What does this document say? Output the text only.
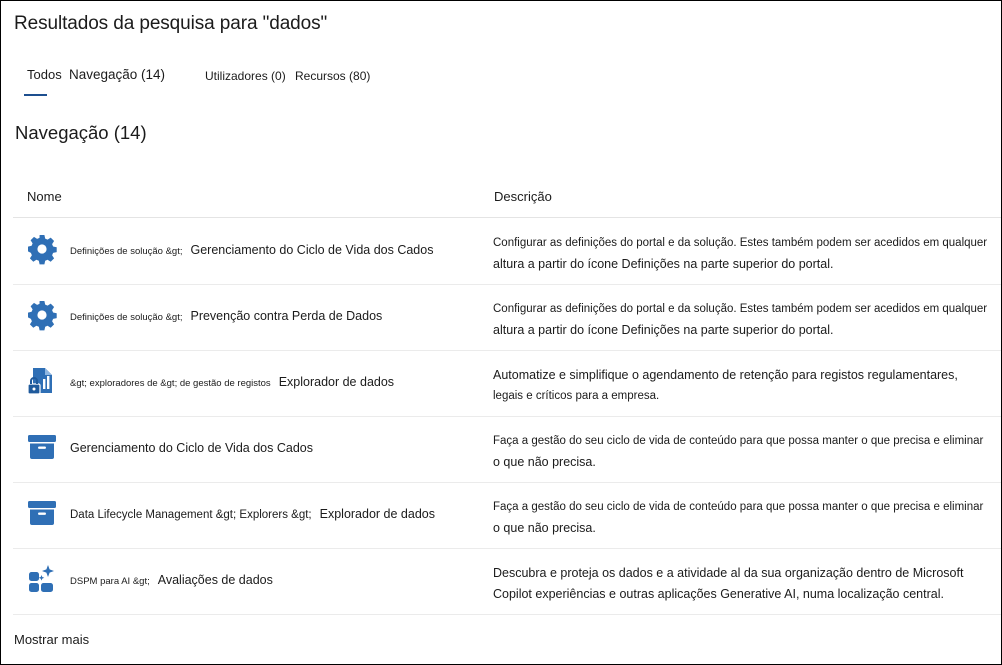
Resultados da pesquisa para "dados"
Todos Navegação (14)	Utilizadores (0) Recursos (80)
Navegação (14)
Nome	Descrição
Definições de solução &gt; Gerenciamento do Ciclo de Vida dos Cados	Configurar as definições do portal e da solução. Estes também podem ser acedidos em qualquer
altura a partir do ícone Definições na parte superior do portal.
Definições de solução &gt; Prevenção contra Perda de Dados	Configurar as definições do portal e da solução. Estes também podem ser acedidos em qualquer
altura a partir do ícone Definições na parte superior do portal.
&gt; exploradores de &gt; de gestão de registos Explorador de dados	Automatize e simplifique o agendamento de retenção para registos regulamentares,
legais e críticos para a empresa.
Gerenciamento do Ciclo de Vida dos Cados	Faça a gestão do seu ciclo de vida de conteúdo para que possa manter o que precisa e eliminar
o que não precisa.
Data Lifecycle Management &gt; Explorers &gt; Explorador de dados	Faça a gestão do seu ciclo de vida de conteúdo para que possa manter o que precisa e eliminar
o que não precisa.
DSPM para AI &gt; Avaliações de dados	Descubra e proteja os dados e a atividade al da sua organização dentro de Microsoft
Copilot experiências e outras aplicações Generative AI, numa localização central.
Mostrar mais
